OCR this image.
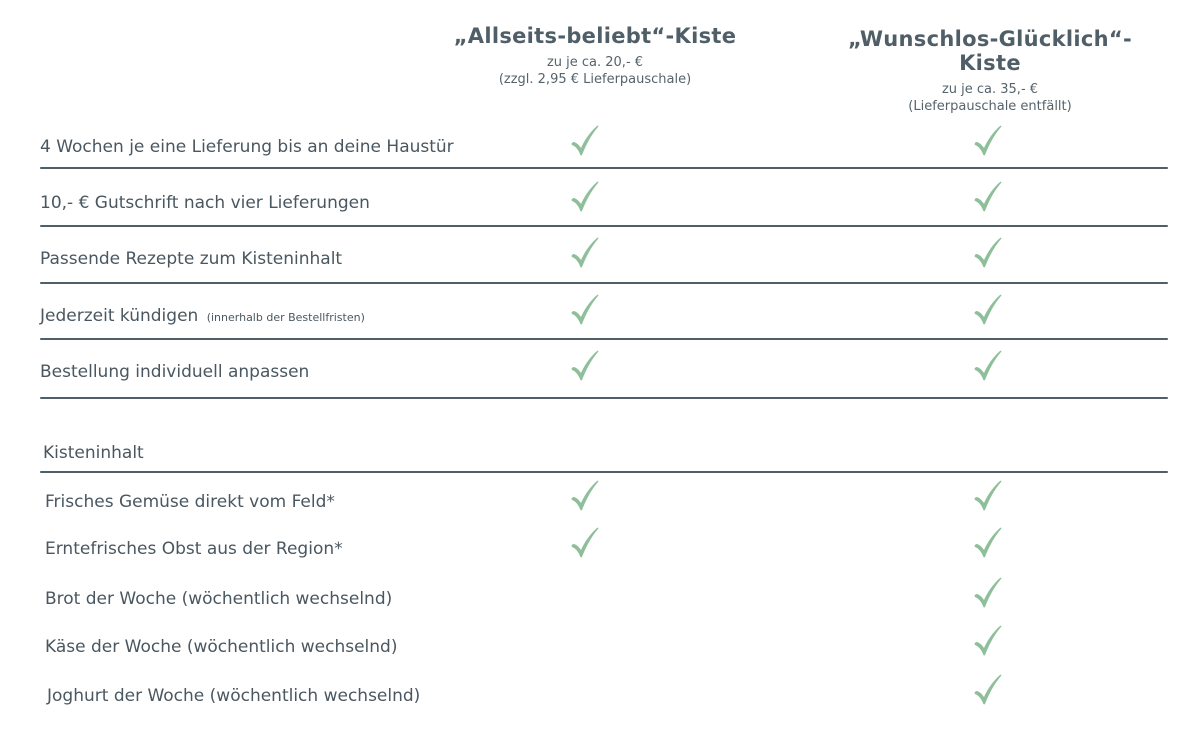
„Allseits-beliebt“-Kiste
zu je ca. 20,- €
(zzgl. 2,95 € Lieferpauschale)
„Wunschlos-Glücklich“-Kiste
zu je ca. 35,- €
(Lieferpauschale entfällt)
4 Wochen je eine Lieferung bis an deine Haustür
10,- € Gutschrift nach vier Lieferungen
Passende Rezepte zum Kisteninhalt
Jederzeit kündigen (innerhalb der Bestellfristen)
Bestellung individuell anpassen
Kisteninhalt
Frisches Gemüse direkt vom Feld*
Erntefrisches Obst aus der Region*
Brot der Woche (wöchentlich wechselnd)
Käse der Woche (wöchentlich wechselnd)
Joghurt der Woche (wöchentlich wechselnd)
